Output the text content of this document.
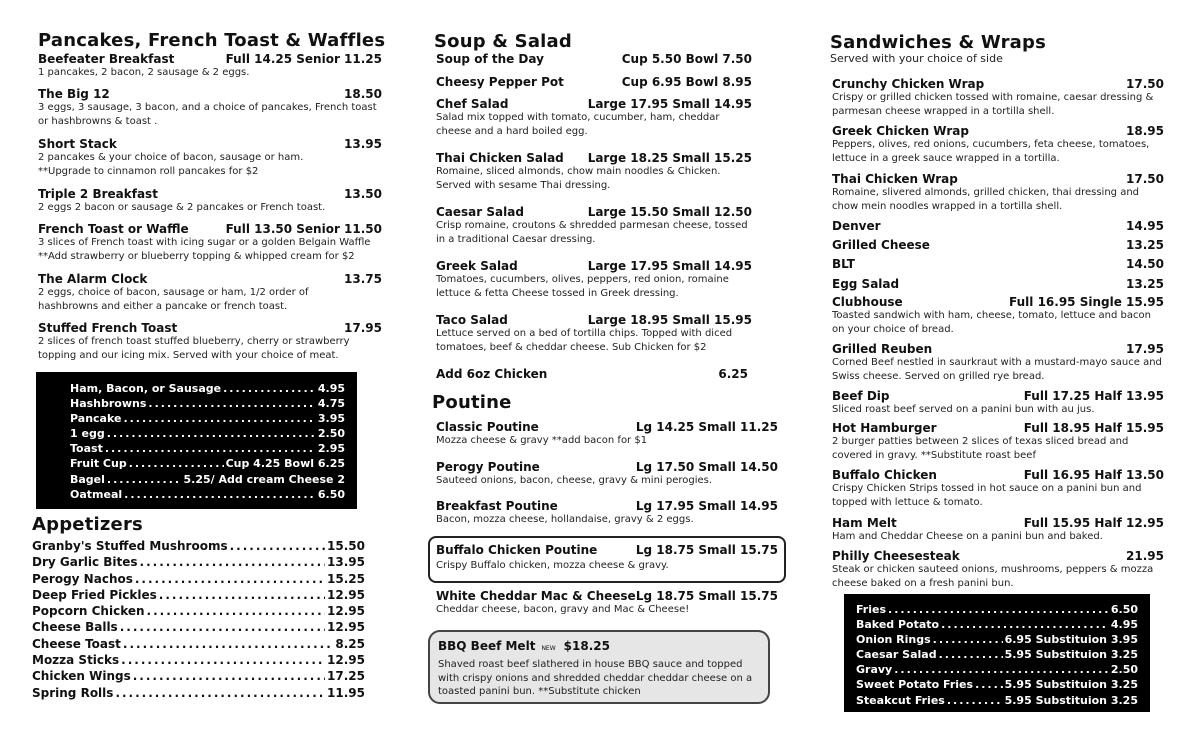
Pancakes, French Toast & Waffles
Beefeater Breakfast	Full 14.25 Senior 11.25
1 pancakes, 2 bacon, 2 sausage & 2 eggs.
The Big 12	18.50
3 eggs, 3 sausage, 3 bacon, and a choice of pancakes, French toast or hashbrowns & toast .
Short Stack	13.95
2 pancakes & your choice of bacon, sausage or ham.
**Upgrade to cinnamon roll pancakes for $2
Triple 2 Breakfast	13.50
2 eggs 2 bacon or sausage & 2 pancakes or French toast.
French Toast or Waffle	Full 13.50 Senior 11.50
3 slices of French toast with icing sugar or a golden Belgain Waffle
**Add strawberry or blueberry topping & whipped cream for $2
The Alarm Clock	13.75
2 eggs, choice of bacon, sausage or ham, 1/2 order of hashbrowns and either a pancake or french toast.
Stuffed French Toast	17.95
2 slices of french toast stuffed blueberry, cherry or strawberry topping and our icing mix. Served with your choice of meat.
Ham, Bacon, or Sausage .....	4.95
Hashbrowns .....	4.75
Pancake .....	3.95
1 egg .....	2.50
Toast .....	2.95
Fruit Cup .....	Cup 4.25 Bowl 6.25
Bagel .....	5.25/ Add cream Cheese 2
Oatmeal .....	6.50
Appetizers
Granby's Stuffed Mushrooms .....	15.50
Dry Garlic Bites .....	13.95
Perogy Nachos .....	15.25
Deep Fried Pickles .....	12.95
Popcorn Chicken .....	12.95
Cheese Balls .....	12.95
Cheese Toast .....	8.25
Mozza Sticks .....	12.95
Chicken Wings .....	17.25
Spring Rolls .....	11.95
Soup & Salad
Soup of the Day	Cup 5.50 Bowl 7.50
Cheesy Pepper Pot	Cup 6.95 Bowl 8.95
Chef Salad	Large 17.95 Small 14.95
Salad mix topped with tomato, cucumber, ham, cheddar cheese and a hard boiled egg.
Thai Chicken Salad Large 18.25 Small 15.25
Romaine, sliced almonds, chow main noodles & Chicken. Served with sesame Thai dressing.
Caesar Salad	Large 15.50 Small 12.50
Crisp romaine, croutons & shredded parmesan cheese, tossed in a traditional Caesar dressing.
Greek Salad	Large 17.95 Small 14.95
Tomatoes, cucumbers, olives, peppers, red onion, romaine lettuce & fetta Cheese tossed in Greek dressing.
Taco Salad	Large 18.95 Small 15.95
Lettuce served on a bed of tortilla chips. Topped with diced tomatoes, beef & cheddar cheese. Sub Chicken for $2
Add 6oz Chicken	6.25
Poutine
Classic Poutine	Lg 14.25 Small 11.25
Mozza cheese & gravy **add bacon for $1
Perogy Poutine	Lg 17.50 Small 14.50
Sauteed onions, bacon, cheese, gravy & mini perogies.
Breakfast Poutine	Lg 17.95 Small 14.95
Bacon, mozza cheese, hollandaise, gravy & 2 eggs.
Buffalo Chicken Poutine	Lg 18.75 Small 15.75
Crispy Buffalo chicken, mozza cheese & gravy.
White Cheddar Mac & Cheese Lg 18.75 Small 15.75
Cheddar cheese, bacon, gravy and Mac & Cheese!
BBQ Beef Melt NEW $18.25
Shaved roast beef slathered in house BBQ sauce and topped with crispy onions and shredded cheddar cheddar cheese on a toasted panini bun. **Substitute chicken
Sandwiches & Wraps
Served with your choice of side
Crunchy Chicken Wrap	17.50
Crispy or grilled chicken tossed with romaine, caesar dressing & parmesan cheese wrapped in a tortilla shell.
Greek Chicken Wrap	18.95
Peppers, olives, red onions, cucumbers, feta cheese, tomatoes, lettuce in a greek sauce wrapped in a tortilla.
Thai Chicken Wrap	17.50
Romaine, slivered almonds, grilled chicken, thai dressing and chow mein noodles wrapped in a tortilla shell.
Denver	14.95
Grilled Cheese	13.25
BLT	14.50
Egg Salad	13.25
Clubhouse	Full 16.95 Single 15.95
Toasted sandwich with ham, cheese, tomato, lettuce and bacon on your choice of bread.
Grilled Reuben	17.95
Corned Beef nestled in saurkraut with a mustard-mayo sauce and Swiss cheese. Served on grilled rye bread.
Beef Dip	Full 17.25 Half 13.95
Sliced roast beef served on a panini bun with au jus.
Hot Hamburger	Full 18.95 Half 15.95
2 burger patties between 2 slices of texas sliced bread and covered in gravy. **Substitute roast beef
Buffalo Chicken	Full 16.95 Half 13.50
Crispy Chicken Strips tossed in hot sauce on a panini bun and topped with lettuce & tomato.
Ham Melt	Full 15.95 Half 12.95
Ham and Cheddar Cheese on a panini bun and baked.
Philly Cheesesteak	21.95
Steak or chicken sauteed onions, mushrooms, peppers & mozza cheese baked on a fresh panini bun.
Fries .....	6.50
Baked Potato .....	4.95
Onion Rings .....	6.95 Substituion 3.95
Caesar Salad .....	5.95 Substituion 3.25
Gravy .....	2.50
Sweet Potato Fries .....	5.95 Substituion 3.25
Steakcut Fries .....	5.95 Substituion 3.25
